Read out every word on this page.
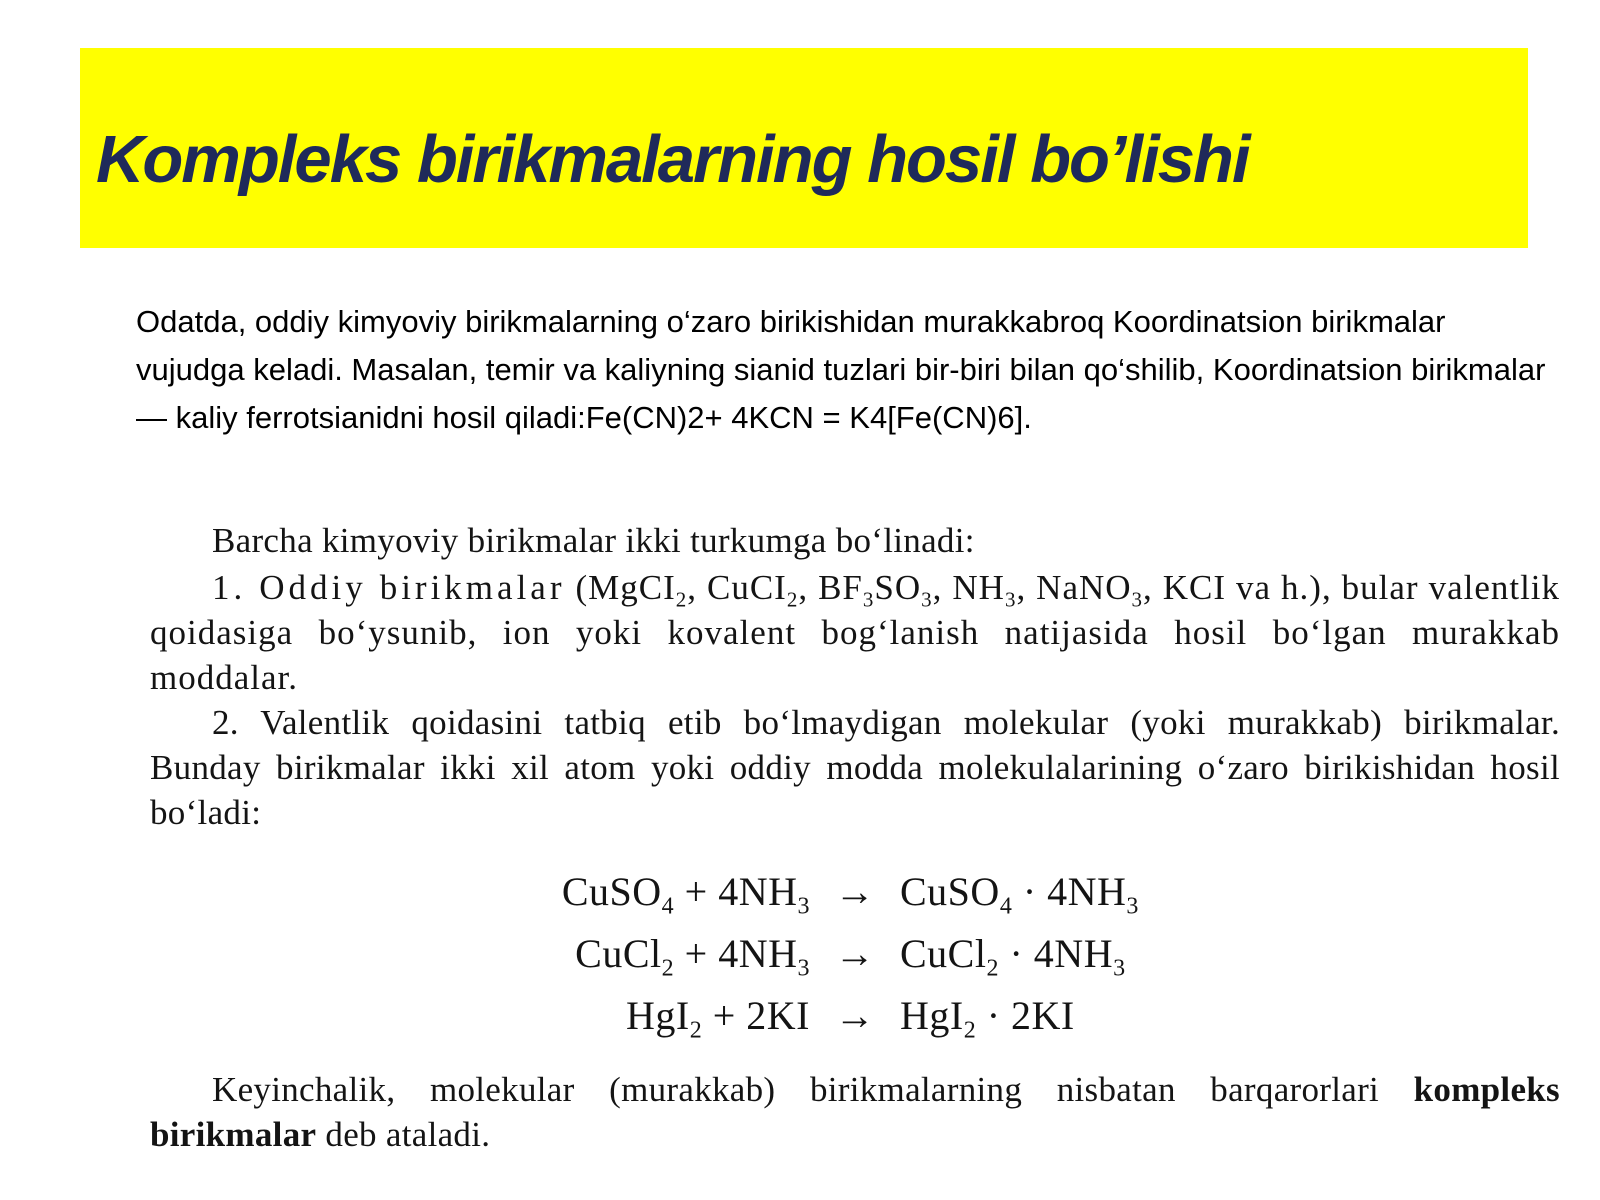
Kompleks birikmalarning hosil bo’lishi

Odatda, oddiy kimyoviy birikmalarning o‘zaro birikishidan murakkabroq Koordinatsion birikmalar vujudga keladi. Masalan, temir va kaliyning sianid tuzlari bir-biri bilan qo‘shilib, Koordinatsion birikmalar — kaliy ferrotsianidni hosil qiladi:Fe(CN)2+ 4KCN = K4[Fe(CN)6].

Barcha kimyoviy birikmalar ikki turkumga bo‘linadi:

1. Oddiy birikmalar (MgCI$_2$, CuCI$_2$, $BF_3SO_3$, $NH_3$, NaNO$_3$, KCI va h.), bular valentlik qoidasiga bo‘ysunib, ion yoki kovalent bog‘lanish natijasida hosil bo‘lgan murakkab moddalar.

2. Valentlik qoidasini tatbiq etib bo‘lmaydigan molekular (yoki murakkab) birikmalar. Bunday birikmalar ikki xil atom yoki oddiy modda molekulalarining o‘zaro birikishidan hosil bo‘ladi:

CuSO$_4$ + $4NH_3$ → CuSO$_4$ · $4NH_3$
CuCl$_2$ + $4NH_3$ → CuCl$_2$ · $4NH_3$
HgI$_2$ + 2KI → HgI$_2$ · 2KI

Keyinchalik, molekular (murakkab) birikmalarning nisbatan barqarorlari kompleks birikmalar deb ataladi.
